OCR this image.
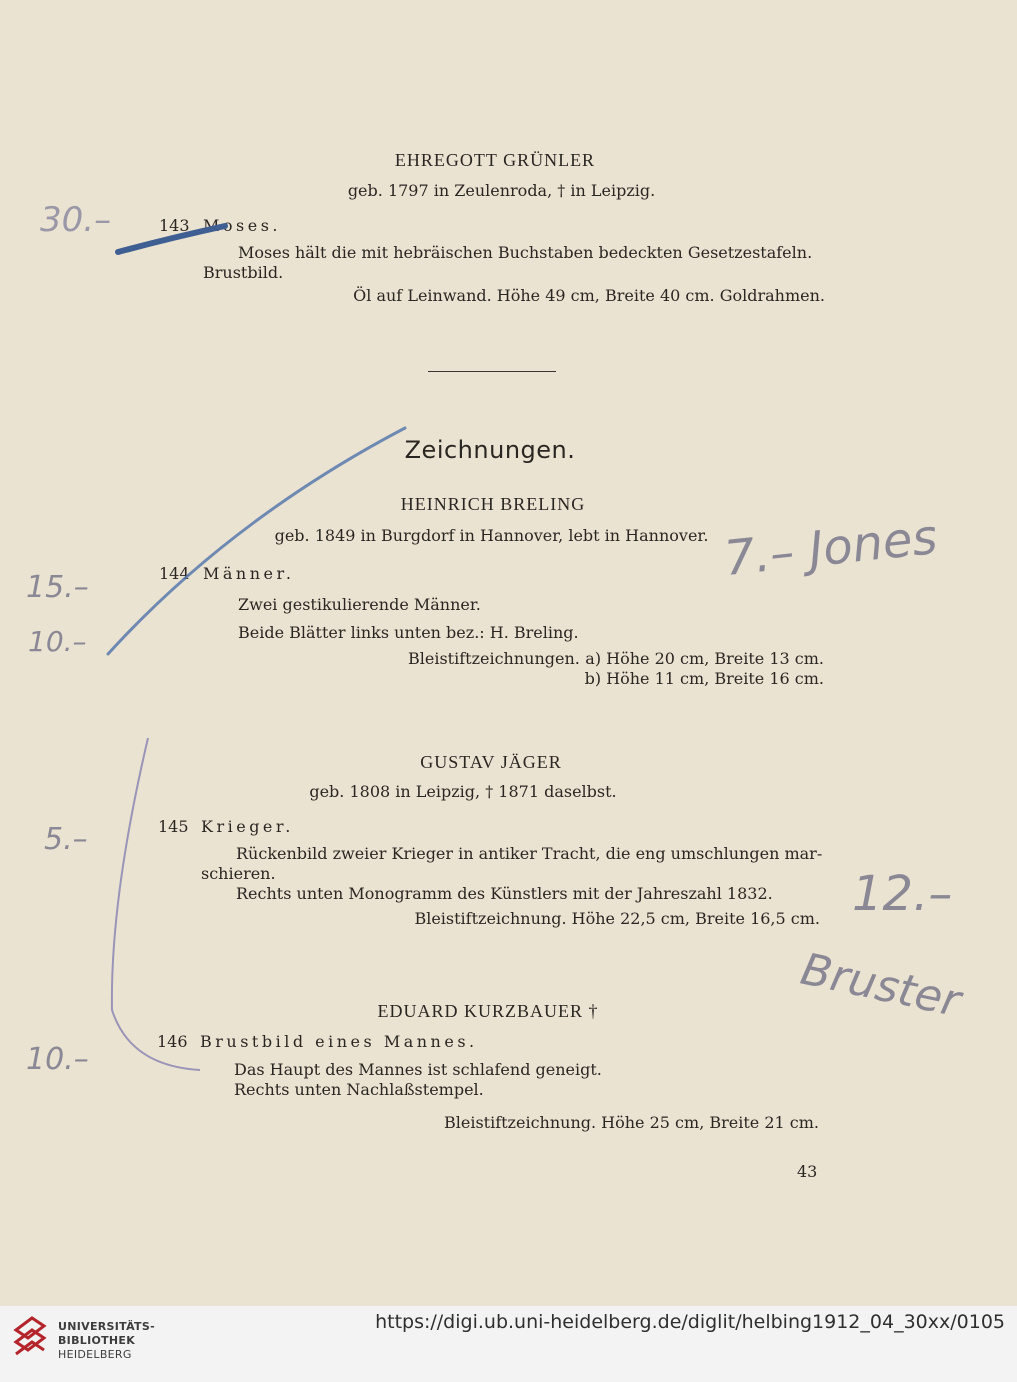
EHREGOTT GRÜNLER
geb. 1797 in Zeulenroda, † in Leipzig.
143 Moses.
Moses hält die mit hebräischen Buchstaben bedeckten Gesetzestafeln.
Brustbild.
Öl auf Leinwand. Höhe 49 cm, Breite 40 cm. Goldrahmen.
Zeichnungen.
HEINRICH BRELING
geb. 1849 in Burgdorf in Hannover, lebt in Hannover.
144 Männer.
Zwei gestikulierende Männer.
Beide Blätter links unten bez.: H. Breling.
Bleistiftzeichnungen. a) Höhe 20 cm, Breite 13 cm.
b) Höhe 11 cm, Breite 16 cm.
GUSTAV JÄGER
geb. 1808 in Leipzig, † 1871 daselbst.
145 Krieger.
Rückenbild zweier Krieger in antiker Tracht, die eng umschlungen mar-
schieren.
Rechts unten Monogramm des Künstlers mit der Jahreszahl 1832.
Bleistiftzeichnung. Höhe 22,5 cm, Breite 16,5 cm.
EDUARD KURZBAUER †
146 Brustbild eines Mannes.
Das Haupt des Mannes ist schlafend geneigt.
Rechts unten Nachlaßstempel.
Bleistiftzeichnung. Höhe 25 cm, Breite 21 cm.
43
30.–
15.–
10.–
5.–
10.–
7.– Jones
12.–
Bruster
UNIVERSITÄTS-
BIBLIOTHEK
HEIDELBERG
https://digi.ub.uni-heidelberg.de/diglit/helbing1912_04_30xx/0105
